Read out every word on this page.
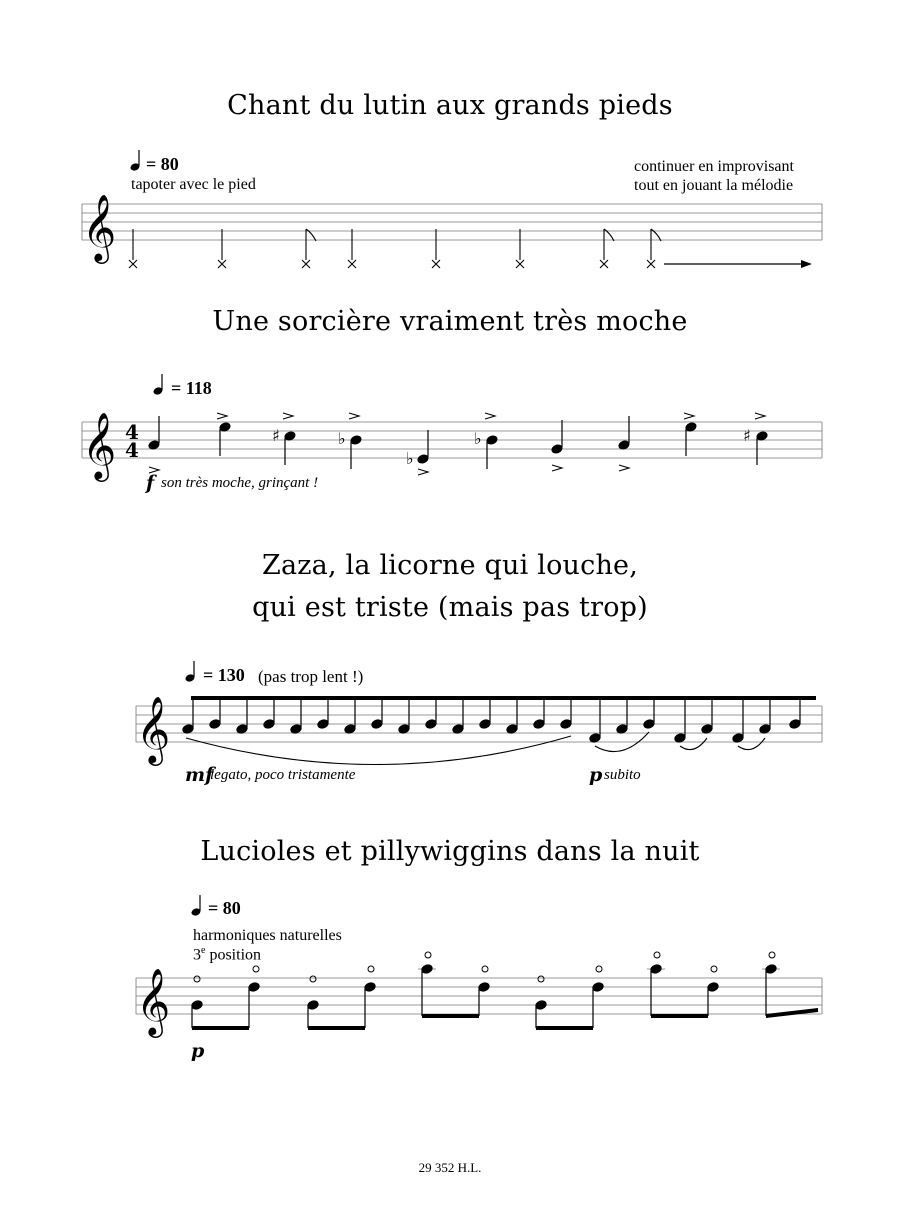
Chant du lutin aux grands pieds
Une sorcière vraiment très moche
Zaza, la licorne qui louche,
qui est triste (mais pas trop)
Lucioles et pillywiggins dans la nuit
= 80
tapoter avec le pied
continuer en improvisant
tout en jouant la mélodie
= 118
f son très moche, grinçant !
= 130 (pas trop lent !)
mf
legato, poco tristamente	p subito
= 80
harmoniques naturelles
3e position
p
𝄞
𝄞 4
4
♯	♭
♭
♭	♯
𝄞
𝄞
29 352 H.L.
